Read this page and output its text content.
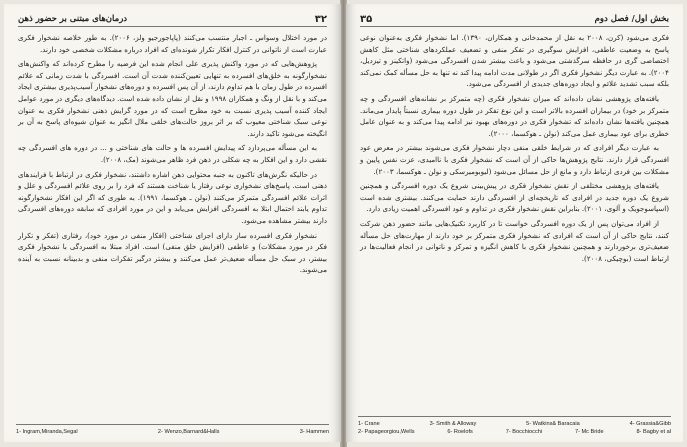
۳۲
درمان‌های مبتنی بر حضور ذهن

در مورد اختلال وسواس ـ اجبار منتسب می‌کنند (پاپاجورجیو ولز، ۲۰۰۶). به طور خلاصه نشخوار فکری عبارت است از ناتوانی در کنترل افکار تکرار شونده‌ای که افراد درباره مشکلات شخصی خود دارند.

پژوهش‌هایی که در مورد واکنش پذیری علی انجام شده این فرضیه را مطرح کرده‌اند که واکنش‌های نشخوارگونه به خلق‌های افسرده به تنهایی تعیین‌کننده شدت آن است. افسردگی با شدت زمانی که علائم افسرده در طول زمان با هم تداوم دارند، از آن پس افسرده و دوره‌های نشخوار آسیب‌پذیری بیشتری ایجاد می‌کند و با نقل از ونگ و همکاران ۱۹۹۸ و نقل از نشان داده شده است. دیدگاه‌های دیگری در مورد عوامل ایجاد کننده آسیب پذیری نسبت به خود مطرح است که در مورد گرایش ذهنی نشخوار فکری به عنوان نوعی سبک شناختی معیوب که بر اثر بروز حالت‌های خلقی ملال انگیز به عنوان شیوه‌ای پاسخ به آن بر انگیخته می‌شود تاکید دارند.

به این مسأله می‌پردازد که پیدایش افسرده ها و حالت های شناختی و ... در دوره های افسردگی چه نقشی دارد و این افکار به چه شکلی در ذهن فرد ظاهر می‌شوند (مک، ۲۰۰۸).

در حالیکه نگرش‌های تاکنون به جنبه محتوایی ذهن اشاره داشتند، نشخوار فکری در ارتباط با فرایندهای ذهنی است. پاسخ‌های نشخواری نوعی رفتار یا شناخت هستند که فرد را بر روی علائم افسردگی و علل و اثرات علائم افسردگی متمرکز می‌کنند (نولن ـ هوکسما، ۱۹۹۱). به طوری که اگر این افکار نشخوارگونه تداوم یابند احتمال ابتلا به افسردگی افزایش می‌یابد و این در مورد افرادی که سابقه دوره‌های افسردگی دارند بیشتر مشاهده می‌شود.

نشخوار فکری افسرده ساز دارای اجزای شناختی (افکار منفی در مورد خود)، رفتاری (تفکر و تکرار فکر در مورد مشکلات) و عاطفی (افزایش خلق منفی) است. افراد مبتلا به افسردگی با نشخوار فکری بیشتر، در سبک حل مسأله ضعیف‌تر عمل می‌کنند و بیشتر درگیر تفکرات منفی و بدبینانه نسبت به آینده می‌شوند.

1- Ingram,Miranda,Segal	2- Wenzo,Barnard&Halls	3- Hammen
بخش اول/ فصل دوم
۳۵

فکری می‌شود (کرن، ۲۰۰۸ به نقل از محمدخانی و همکاران، ۱۳۹۰). اما نشخوار فکری به‌عنوان نوعی پاسخ به وضعیت عاطفی، افزایش سوگیری در تفکر منفی و تضعیف عملکردهای شناختی مثل کاهش اختصاصی گری در حافظه سرگذشتی می‌شود و باعث بیشتر شدن افسردگی می‌شود (واتکینز و تیزدیل، ۲۰۰۴). به عبارت دیگر نشخوار فکری اگر در طولانی مدت ادامه پیدا کند نه تنها به حل مسأله کمک نمی‌کند بلکه سبب تشدید علائم و ایجاد دوره‌های جدیدی از افسردگی می‌شود.

یافته‌های پژوهشی نشان داده‌اند که میزان نشخوار فکری (چه متمرکز بر نشانه‌های افسردگی و چه متمرکز بر خود) در بیماران افسرده بالاتر است و این نوع تفکر در طول دوره بیماری نسبتاً پایدار می‌ماند. همچنین یافته‌ها نشان داده‌اند که تشخوار فکری در دوره‌های بهبود نیز ادامه پیدا می‌کند و به عنوان عامل خطری برای عود بیماری عمل می‌کند (نولن ـ هوکسما، ۲۰۰۰).

به عبارت دیگر افرادی که در شرایط خلقی منفی دچار نشخوار فکری می‌شوند بیشتر در معرض عود افسردگی قرار دارند. نتایج پژوهش‌ها حاکی از آن است که نشخوار فکری با ناامیدی، عزت نفس پایین و مشکلات بین فردی ارتباط دارد و مانع از حل مسائل می‌شود (لیوبومیرسکی و نولن ـ هوکسما، ۲۰۰۳).

یافته‌های پژوهشی مختلفی از نقش نشخوار فکری در پیش‌بینی شروع یک دوره افسردگی و همچنین شروع یک دوره جدید در افرادی که تاریخچه‌ای از افسردگی دارند حمایت می‌کنند. بیشتری شده است (اسپاسوجویک و آلوی، ۲۰۰۱). بنابراین نقش نشخوار فکری در تداوم و عود افسردگی اهمیت زیادی دارد.

از افراد می‌توان پس از یک دوره افسردگی خواست تا در کاربرد تکنیک‌هایی مانند حضور ذهن شرکت کنند، نتایج حاکی از آن است که افرادی که نشخوار فکری متمرکز بر خود دارند از مهارت‌های حل مسأله ضعیف‌تری برخوردارند و همچنین نشخوار فکری با کاهش انگیزه و تمرکز و ناتوانی در انجام فعالیت‌ها در ارتباط است (بوچیکی، ۲۰۰۸).

1- Crane	3- Smith & Alloway	5- Watkins& Baracaia	4- Grassia&Gibb
2- Papageorgiou,Wells	6- Roelofs	7- Bocchiocchi	7- Mc Bride	8- Bagby et al
